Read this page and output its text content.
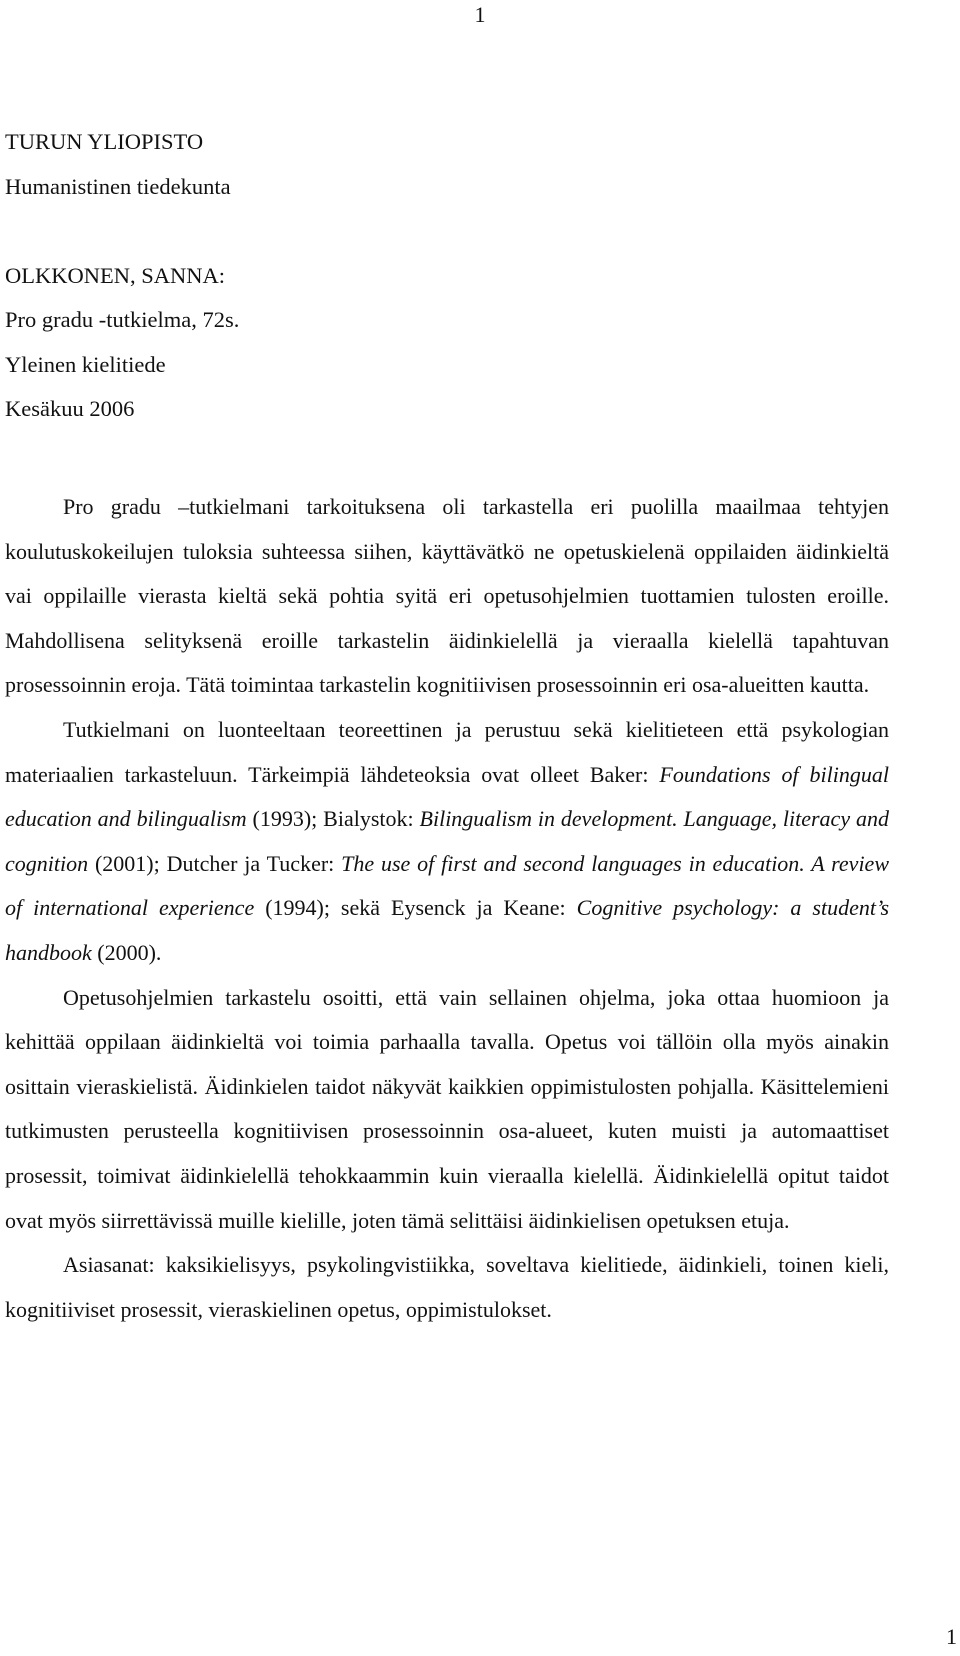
1
TURUN YLIOPISTO
Humanistinen tiedekunta
OLKKONEN, SANNA:
Pro gradu -tutkielma, 72s.
Yleinen kielitiede
Kesäkuu 2006

Pro gradu –tutkielmani tarkoituksena oli tarkastella eri puolilla maailmaa tehtyjen koulutuskokeilujen tuloksia suhteessa siihen, käyttävätkö ne opetuskielenä oppilaiden äidinkieltä vai oppilaille vierasta kieltä sekä pohtia syitä eri opetusohjelmien tuottamien tulosten eroille. Mahdollisena selityksenä eroille tarkastelin äidinkielellä ja vieraalla kielellä tapahtuvan prosessoinnin eroja. Tätä toimintaa tarkastelin kognitiivisen prosessoinnin eri osa-alueitten kautta.

Tutkielmani on luonteeltaan teoreettinen ja perustuu sekä kielitieteen että psykologian materiaalien tarkasteluun. Tärkeimpiä lähdeteoksia ovat olleet Baker: Foundations of bilingual education and bilingualism (1993); Bialystok: Bilingualism in development. Language, literacy and cognition (2001); Dutcher ja Tucker: The use of first and second languages in education. A review of international experience (1994); sekä Eysenck ja Keane: Cognitive psychology: a student’s handbook (2000).

Opetusohjelmien tarkastelu osoitti, että vain sellainen ohjelma, joka ottaa huomioon ja kehittää oppilaan äidinkieltä voi toimia parhaalla tavalla. Opetus voi tällöin olla myös ainakin osittain vieraskielistä. Äidinkielen taidot näkyvät kaikkien oppimistulosten pohjalla. Käsittelemieni tutkimusten perusteella kognitiivisen prosessoinnin osa-alueet, kuten muisti ja automaattiset prosessit, toimivat äidinkielellä tehokkaammin kuin vieraalla kielellä. Äidinkielellä opitut taidot ovat myös siirrettävissä muille kielille, joten tämä selittäisi äidinkielisen opetuksen etuja.

Asiasanat: kaksikielisyys, psykolingvistiikka, soveltava kielitiede, äidinkieli, toinen kieli, kognitiiviset prosessit, vieraskielinen opetus, oppimistulokset.

1
